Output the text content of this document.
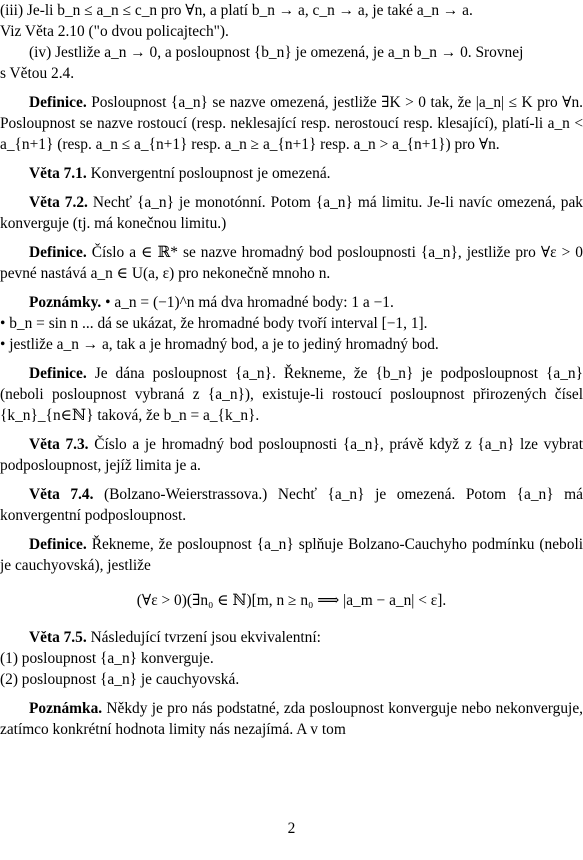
(iii) Je-li b_n ≤ a_n ≤ c_n pro ∀n, a platí b_n → a, c_n → a, je také a_n → a.
Viz Věta 2.10 ("o dvou policajtech").
(iv) Jestliže a_n → 0, a posloupnost {b_n} je omezená, je a_n b_n → 0. Srovnej
s Větou 2.4.

Definice. Posloupnost {a_n} se nazve omezená, jestliže ∃K > 0 tak, že |a_n| ≤ K pro ∀n. Posloupnost se nazve rostoucí (resp. neklesající resp. nerostoucí resp. klesající), platí-li a_n < a_{n+1} (resp. a_n ≤ a_{n+1} resp. a_n ≥ a_{n+1} resp. a_n > a_{n+1}) pro ∀n.

Věta 7.1. Konvergentní posloupnost je omezená.

Věta 7.2. Nechť {a_n} je monotónní. Potom {a_n} má limitu. Je-li navíc omezená, pak konverguje (tj. má konečnou limitu.)

Definice. Číslo a ∈ ℝ* se nazve hromadný bod posloupnosti {a_n}, jestliže pro ∀ε > 0 pevné nastává a_n ∈ U(a, ε) pro nekonečně mnoho n.

Poznámky. • a_n = (−1)^n má dva hromadné body: 1 a −1.
• b_n = sin n ... dá se ukázat, že hromadné body tvoří interval [−1, 1].
• jestliže a_n → a, tak a je hromadný bod, a je to jediný hromadný bod.

Definice. Je dána posloupnost {a_n}. Řekneme, že {b_n} je podposloupnost {a_n} (neboli posloupnost vybraná z {a_n}), existuje-li rostoucí posloupnost přirozených čísel {k_n}_{n∈ℕ} taková, že b_n = a_{k_n}.

Věta 7.3. Číslo a je hromadný bod posloupnosti {a_n}, právě když z {a_n} lze vybrat podposloupnost, jejíž limita je a.

Věta 7.4. (Bolzano-Weierstrassova.) Nechť {a_n} je omezená. Potom {a_n} má konvergentní podposloupnost.

Definice. Řekneme, že posloupnost {a_n} splňuje Bolzano-Cauchyho podmínku (neboli je cauchyovská), jestliže

(∀ε > 0)(∃n₀ ∈ ℕ)[m, n ≥ n₀ ⟹ |a_m − a_n| < ε].
Věta 7.5. Následující tvrzení jsou ekvivalentní:
(1) posloupnost {a_n} konverguje.
(2) posloupnost {a_n} je cauchyovská.

Poznámka. Někdy je pro nás podstatné, zda posloupnost konverguje nebo nekonverguje, zatímco konkrétní hodnota limity nás nezajímá. A v tom

2
